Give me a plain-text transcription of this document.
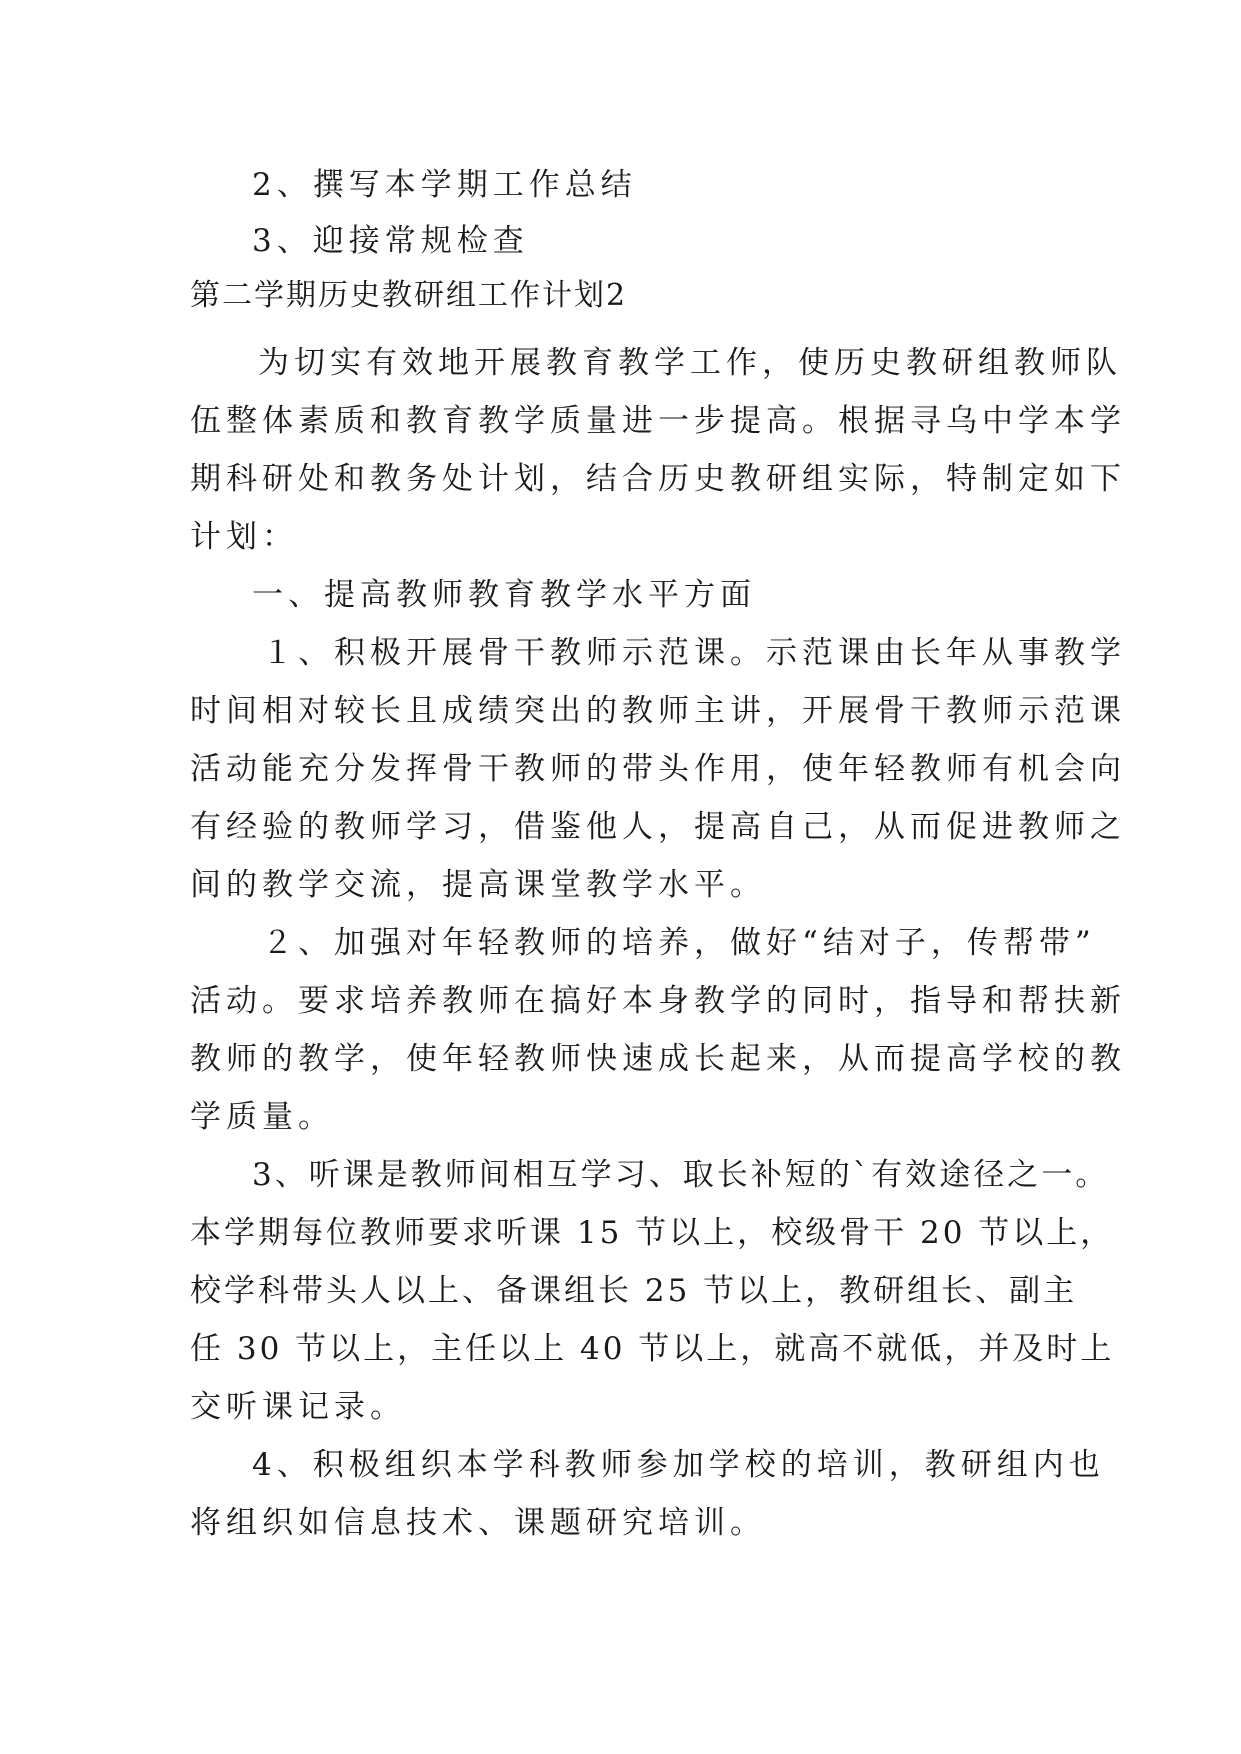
2、撰写本学期工作总结
3、迎接常规检查
第二学期历史教研组工作计划2
为切实有效地开展教育教学工作，使历史教研组教师队
伍整体素质和教育教学质量进一步提高。根据寻乌中学本学
期科研处和教务处计划，结合历史教研组实际，特制定如下
计划：
一、提高教师教育教学水平方面
１、积极开展骨干教师示范课。示范课由长年从事教学
时间相对较长且成绩突出的教师主讲，开展骨干教师示范课
活动能充分发挥骨干教师的带头作用，使年轻教师有机会向
有经验的教师学习，借鉴他人，提高自己，从而促进教师之
间的教学交流，提高课堂教学水平。
２、加强对年轻教师的培养，做好“结对子，传帮带”
活动。要求培养教师在搞好本身教学的同时，指导和帮扶新
教师的教学，使年轻教师快速成长起来，从而提高学校的教
学质量。
3、听课是教师间相互学习、取长补短的`有效途径之一。
本学期每位教师要求听课 15 节以上，校级骨干 20 节以上，
校学科带头人以上、备课组长 25 节以上，教研组长、副主
任 30 节以上，主任以上 40 节以上，就高不就低，并及时上
交听课记录。
4、积极组织本学科教师参加学校的培训，教研组内也
将组织如信息技术、课题研究培训。
